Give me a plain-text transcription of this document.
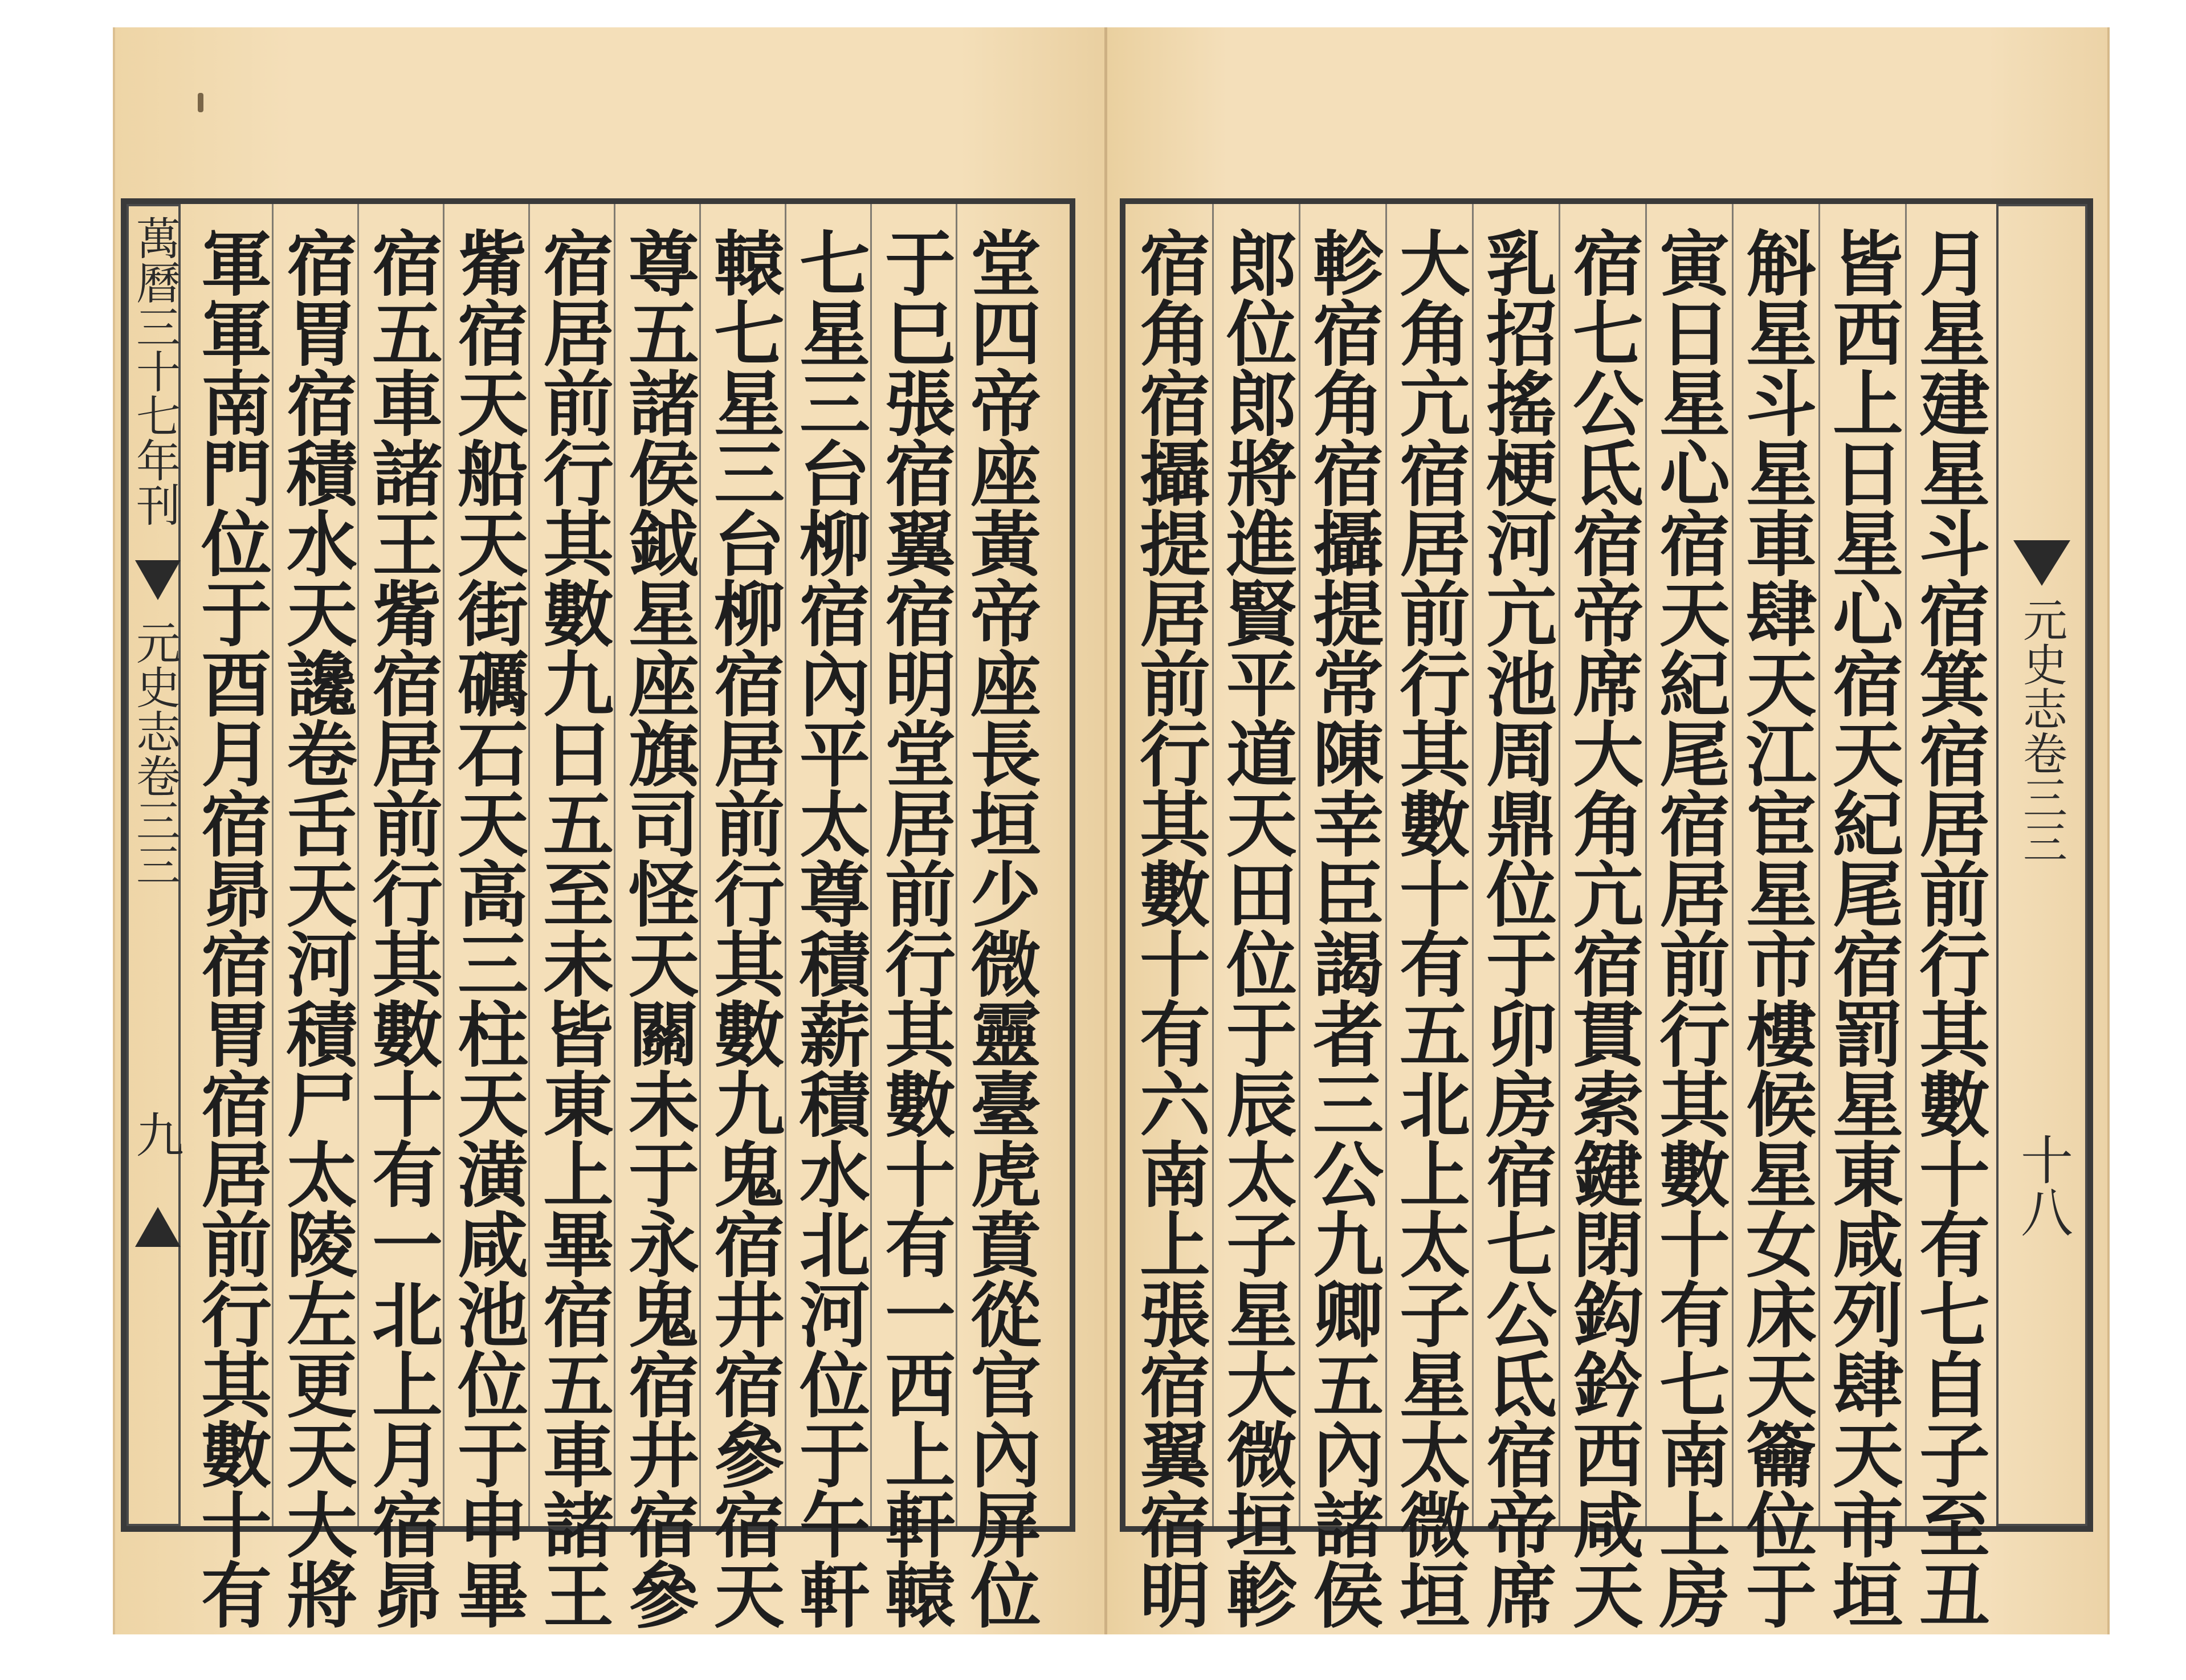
萬曆三十七年刊
元史志卷三三
九	堂四帝座黃帝座長垣少微靈臺虎賁從官內屏位
于巳張宿翼宿明堂居前行其數十有一西上軒轅
七星三台柳宿內平太尊積薪積水北河位于午軒
轅七星三台柳宿居前行其數九鬼宿井宿參宿天
尊五諸侯鉞星座旗司怪天關未于永鬼宿井宿參
宿居前行其數九日五至未皆東上畢宿五車諸王
觜宿天船天街礪石天高三柱天潢咸池位于申畢
宿五車諸王觜宿居前行其數十有一北上月宿昴
宿胃宿積水天讒卷舌天河積尸太陵左更天大將
軍軍南門位于酉月宿昴宿胃宿居前行其數十有	月星建星斗宿箕宿居前行其數十有七自子至丑
皆西上日星心宿天紀尾宿罰星東咸列肆天市垣
斛星斗星車肆天江宦星市樓候星女床天籥位于
寅日星心宿天紀尾宿居前行其數十有七南上房
宿七公氐宿帝席大角亢宿貫索鍵閉鈎鈐西咸天
乳招搖梗河亢池周鼎位于卯房宿七公氐宿帝席
大角亢宿居前行其數十有五北上太子星太微垣
軫宿角宿攝提常陳幸臣謁者三公九卿五內諸侯
郎位郎將進賢平道天田位于辰太子星大微垣軫
宿角宿攝提居前行其數十有六南上張宿翼宿明	元史志卷三三
十八
